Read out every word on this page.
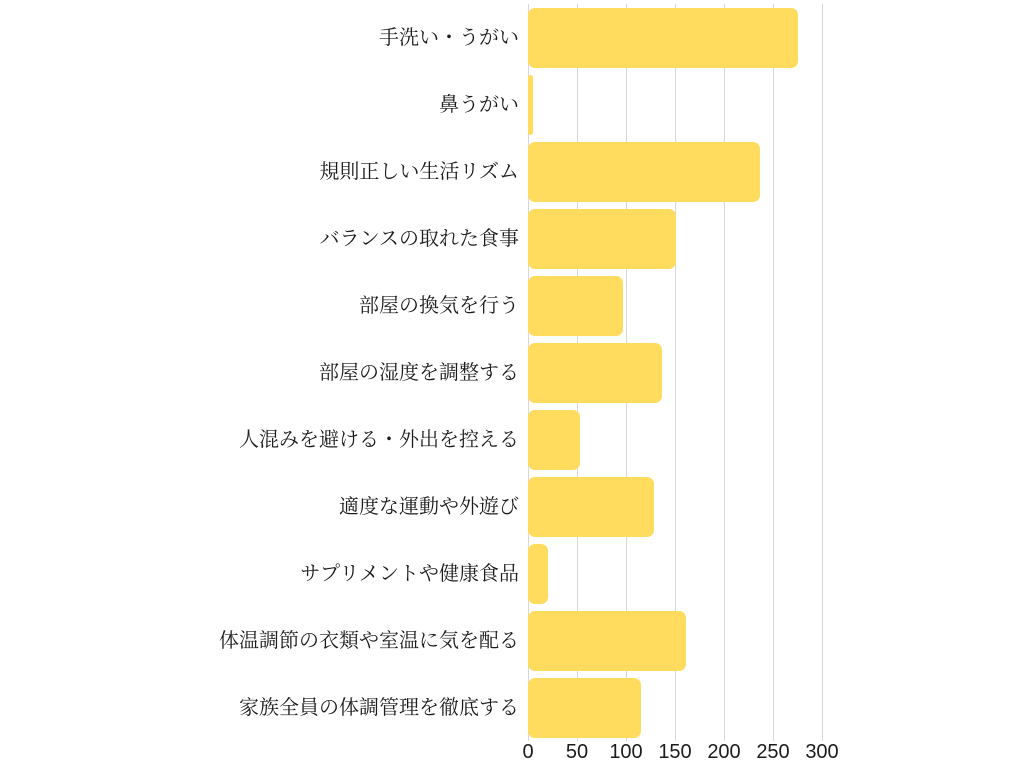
手洗い・うがい
鼻うがい
規則正しい生活リズム
バランスの取れた食事
部屋の換気を行う
部屋の湿度を調整する
人混みを避ける・外出を控える
適度な運動や外遊び
サプリメントや健康食品
体温調節の衣類や室温に気を配る
家族全員の体調管理を徹底する
0 50 100 150 200 250 300
